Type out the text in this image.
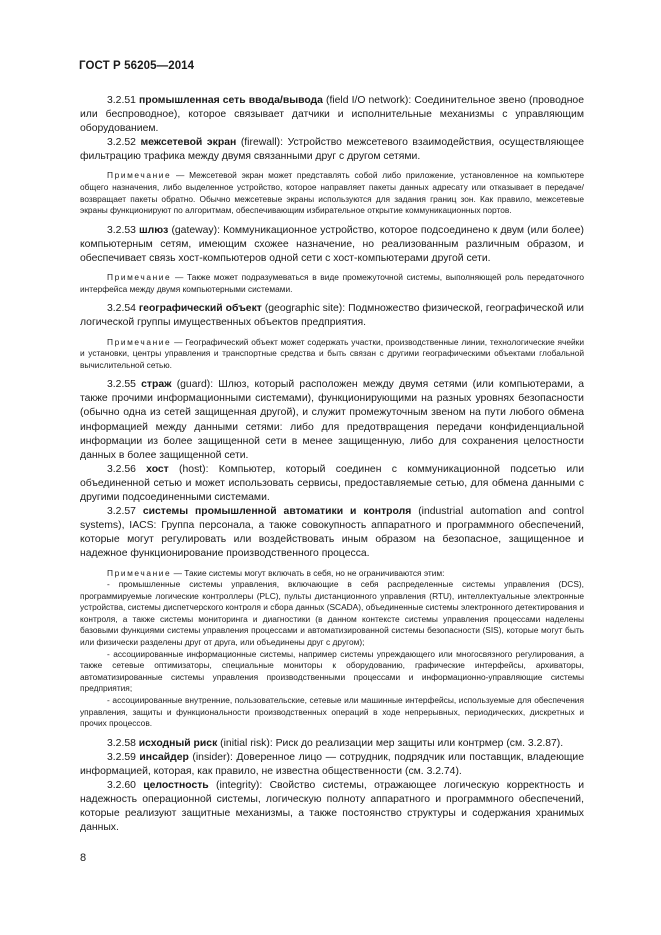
ГОСТ Р 56205—2014

3.2.51 промышленная сеть ввода/вывода (field I/O network): Соединительное звено (проводное или беспроводное), которое связывает датчики и исполнительные механизмы с управляющим оборудованием.

3.2.52 межсетевой экран (firewall): Устройство межсетевого взаимодействия, осуществляющее фильтрацию трафика между двумя связанными друг с другом сетями.

Примечание — Межсетевой экран может представлять собой либо приложение, установленное на компьютере общего назначения, либо выделенное устройство, которое направляет пакеты данных адресату или отказывает в передаче/возвращает пакеты обратно. Обычно межсетевые экраны используются для задания границ зон. Как правило, межсетевые экраны функционируют по алгоритмам, обеспечивающим избирательное открытие коммуникационных портов.

3.2.53 шлюз (gateway): Коммуникационное устройство, которое подсоединено к двум (или более) компьютерным сетям, имеющим схожее назначение, но реализованным различным образом, и обеспечивает связь хост-компьютеров одной сети с хост-компьютерами другой сети.

Примечание — Также может подразумеваться в виде промежуточной системы, выполняющей роль передаточного интерфейса между двумя компьютерными системами.

3.2.54 географический объект (geographic site): Подмножество физической, географической или логической группы имущественных объектов предприятия.

Примечание — Географический объект может содержать участки, производственные линии, технологические ячейки и установки, центры управления и транспортные средства и быть связан с другими географическими объектами глобальной вычислительной сетью.

3.2.55 страж (guard): Шлюз, который расположен между двумя сетями (или компьютерами, а также прочими информационными системами), функционирующими на разных уровнях безопасности (обычно одна из сетей защищенная другой), и служит промежуточным звеном на пути любого обмена информацией между данными сетями: либо для предотвращения передачи конфиденциальной информации из более защищенной сети в менее защищенную, либо для сохранения целостности данных в более защищенной сети.

3.2.56 хост (host): Компьютер, который соединен с коммуникационной подсетью или объединенной сетью и может использовать сервисы, предоставляемые сетью, для обмена данными с другими подсоединенными системами.

3.2.57 системы промышленной автоматики и контроля (industrial automation and control systems), IACS: Группа персонала, а также совокупность аппаратного и программного обеспечений, которые могут регулировать или воздействовать иным образом на безопасное, защищенное и надежное функционирование производственного процесса.

Примечание — Такие системы могут включать в себя, но не ограничиваются этим:

- промышленные системы управления, включающие в себя распределенные системы управления (DCS), программируемые логические контроллеры (PLC), пульты дистанционного управления (RTU), интеллектуальные электронные устройства, системы диспетчерского контроля и сбора данных (SCADA), объединенные системы электронного детектирования и контроля, а также системы мониторинга и диагностики (в данном контексте системы управления процессами наделены базовыми функциями системы управления процессами и автоматизированной системы безопасности (SIS), которые могут быть или физически разделены друг от друга, или объединены друг с другом);

- ассоциированные информационные системы, например системы упреждающего или многосвязного регулирования, а также сетевые оптимизаторы, специальные мониторы к оборудованию, графические интерфейсы, архиваторы, автоматизированные системы управления производственными процессами и информационно-управляющие системы предприятия;

- ассоциированные внутренние, пользовательские, сетевые или машинные интерфейсы, используемые для обеспечения управления, защиты и функциональности производственных операций в ходе непрерывных, периодических, дискретных и прочих процессов.

3.2.58 исходный риск (initial risk): Риск до реализации мер защиты или контрмер (см. 3.2.87).

3.2.59 инсайдер (insider): Доверенное лицо — сотрудник, подрядчик или поставщик, владеющие информацией, которая, как правило, не известна общественности (см. 3.2.74).

3.2.60 целостность (integrity): Свойство системы, отражающее логическую корректность и надежность операционной системы, логическую полноту аппаратного и программного обеспечений, которые реализуют защитные механизмы, а также постоянство структуры и содержания хранимых данных.

8
